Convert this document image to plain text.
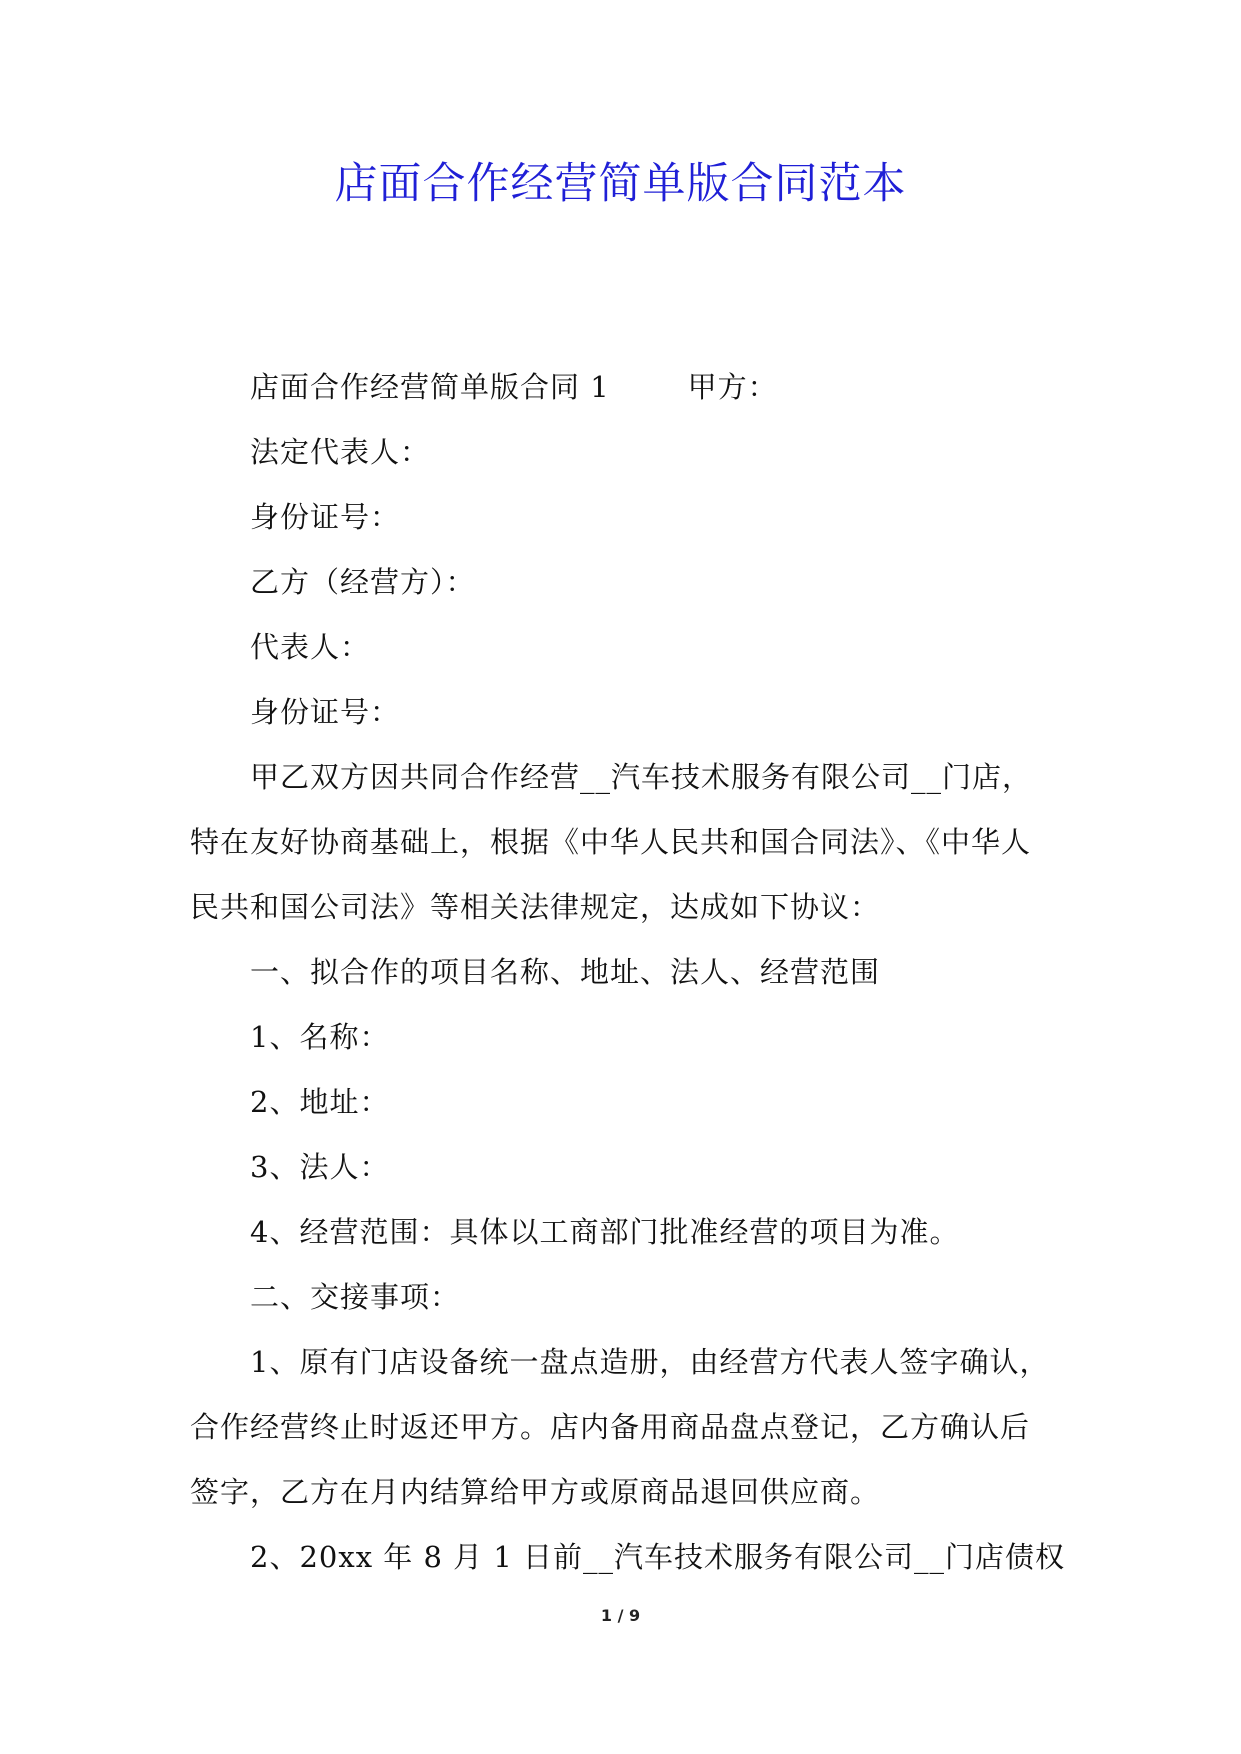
店面合作经营简单版合同范本
店面合作经营简单版合同 1	甲方：
法定代表人：
身份证号：
乙方（经营方）：
代表人：
身份证号：
甲乙双方因共同合作经营__汽车技术服务有限公司__门店，
特在友好协商基础上，根据《中华人民共和国合同法》、《中华人
民共和国公司法》等相关法律规定，达成如下协议：
一、拟合作的项目名称、地址、法人、经营范围
1、名称：
2、地址：
3、法人：
4、经营范围：具体以工商部门批准经营的项目为准。
二、交接事项：
1、原有门店设备统一盘点造册，由经营方代表人签字确认，
合作经营终止时返还甲方。店内备用商品盘点登记，乙方确认后
签字，乙方在月内结算给甲方或原商品退回供应商。
2、20xx 年 8 月 1 日前__汽车技术服务有限公司__门店债权
1 / 9
